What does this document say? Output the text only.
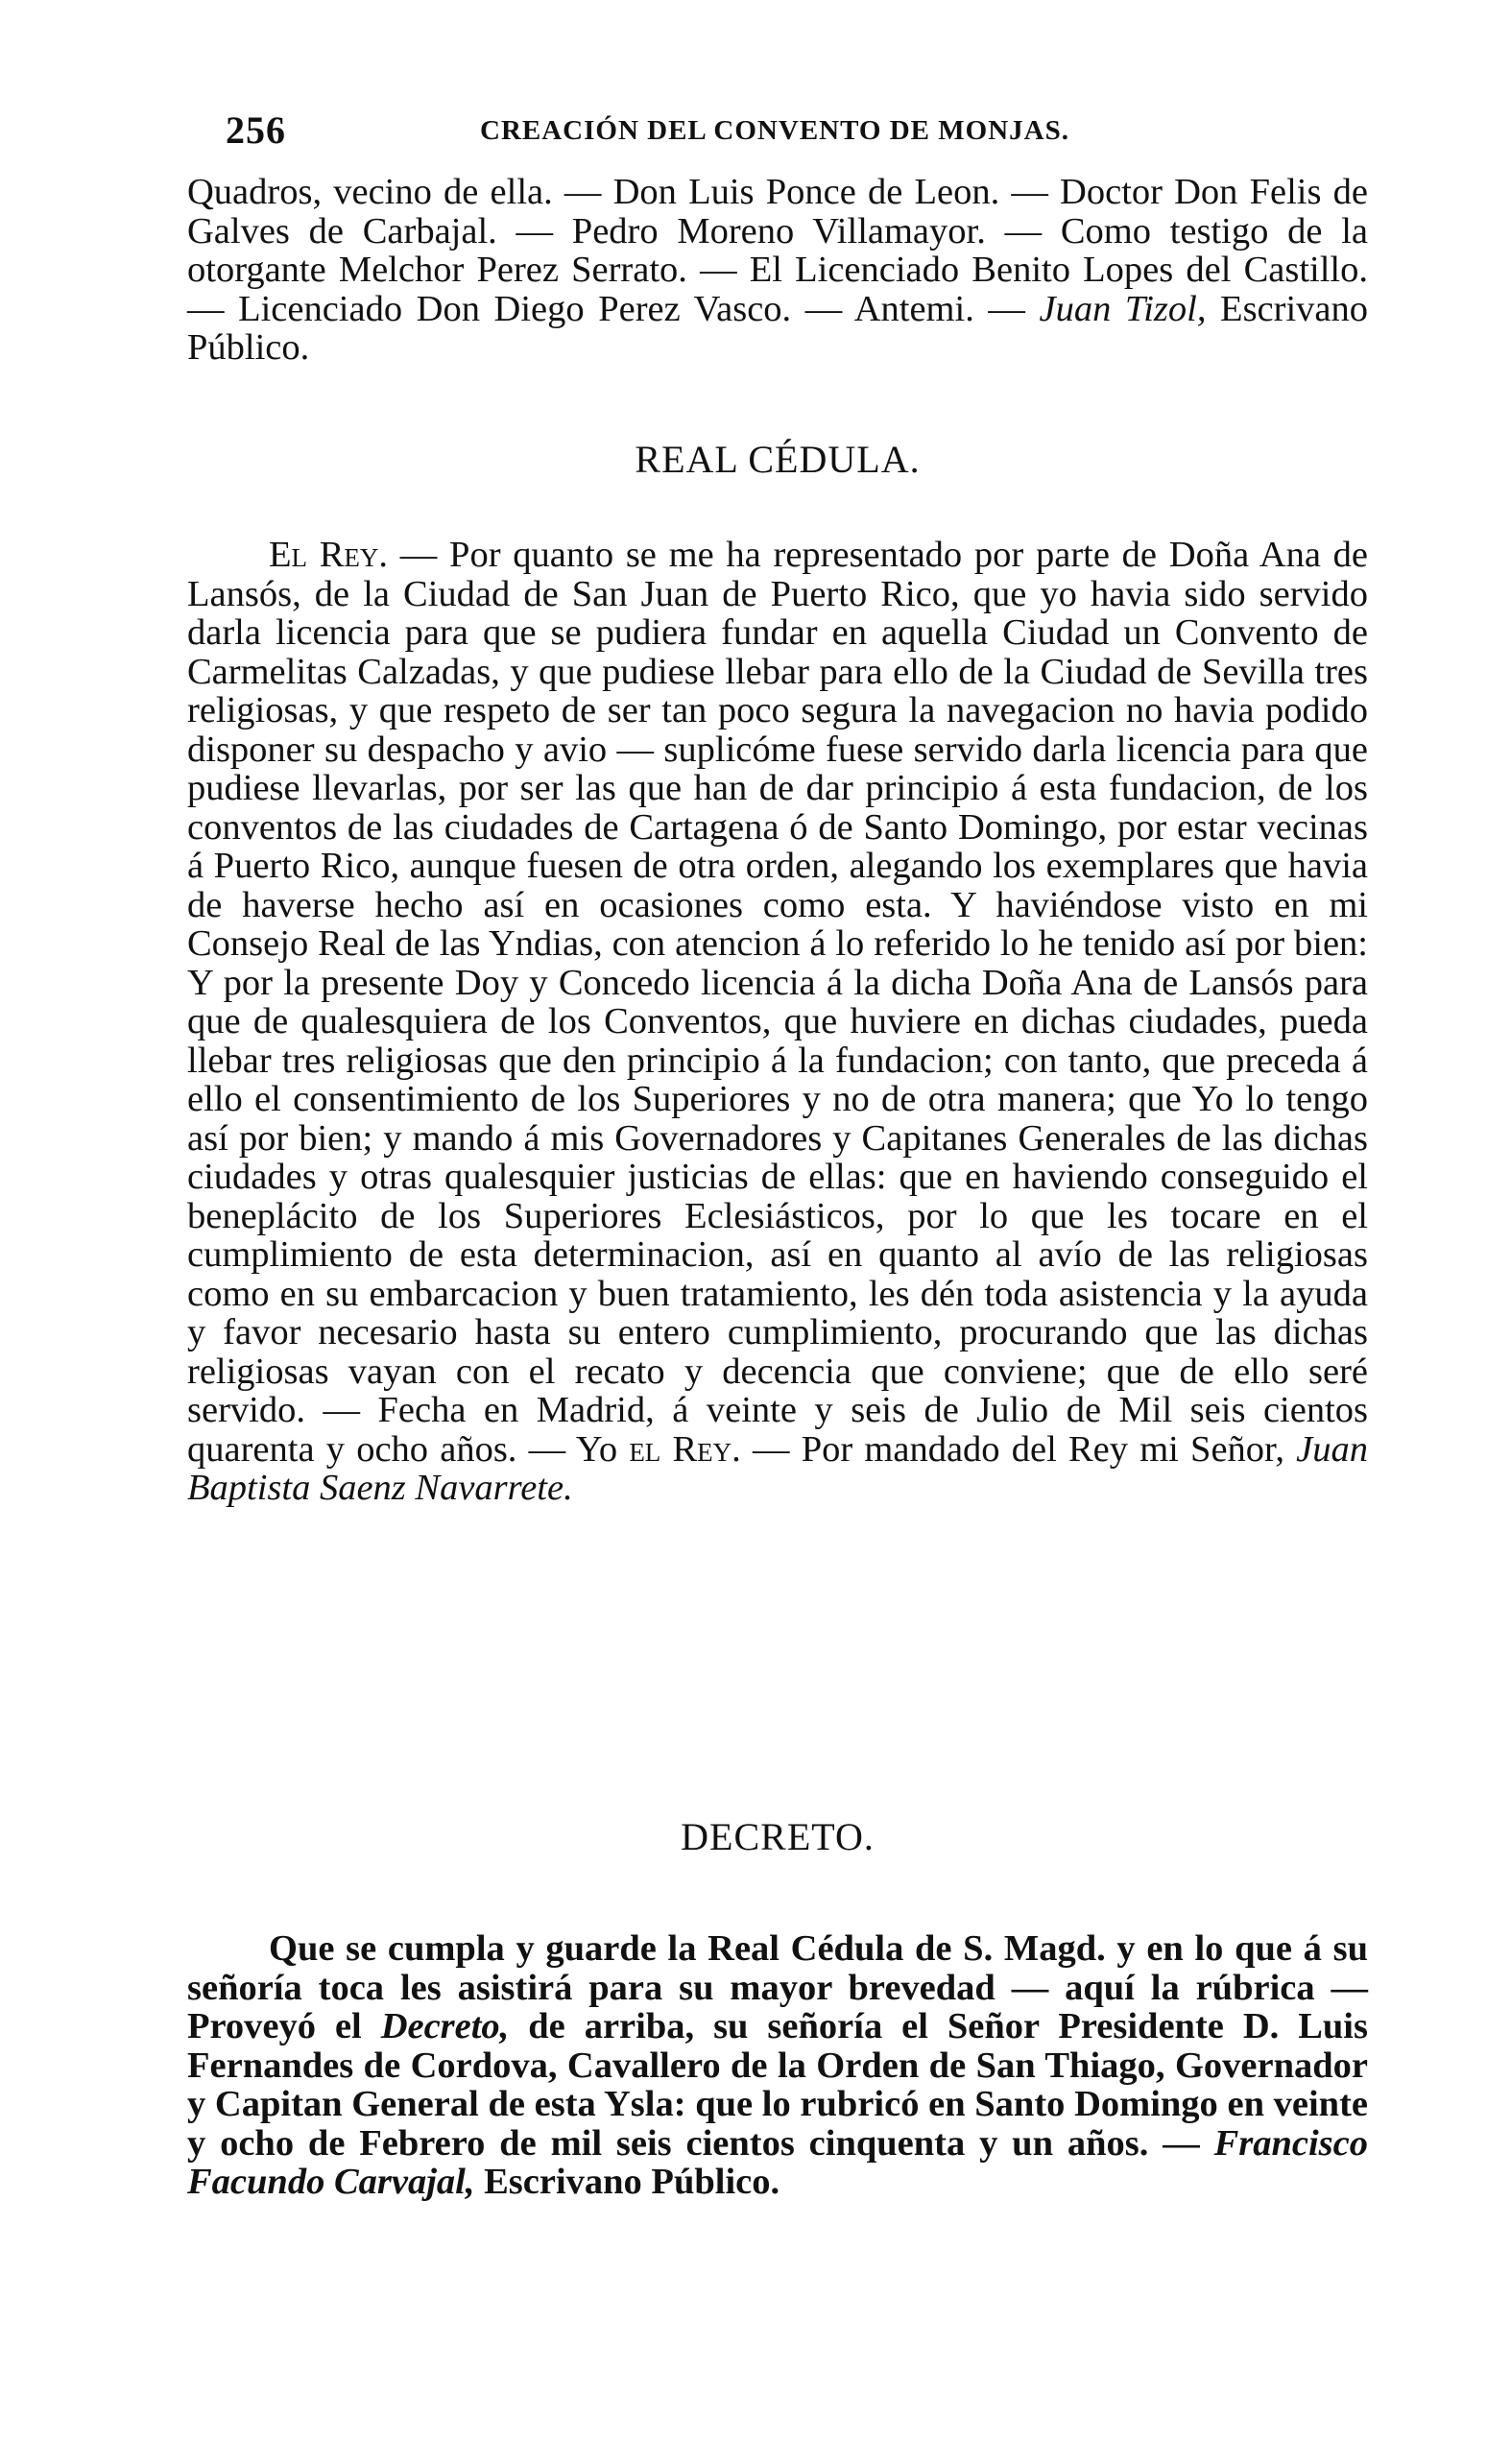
256	CREACIÓN DEL CONVENTO DE MONJAS.

Quadros, vecino de ella. — Don Luis Ponce de Leon. — Doctor Don Felis de Galves de Carbajal. — Pedro Moreno Villamayor. — Como testigo de la otorgante Melchor Perez Serrato. — El Licenciado Benito Lopes del Castillo. — Licenciado Don Diego Perez Vasco. — Antemi. — Juan Tizol, Escrivano Público.

REAL CÉDULA.

El Rey. — Por quanto se me ha representado por parte de Doña Ana de Lansós, de la Ciudad de San Juan de Puerto Rico, que yo havia sido servido darla licencia para que se pudiera fundar en aquella Ciudad un Convento de Carmelitas Calzadas, y que pudiese llebar para ello de la Ciudad de Sevilla tres religiosas, y que respeto de ser tan poco segura la navegacion no havia podido disponer su despacho y avio — suplicóme fuese servido darla licencia para que pudiese llevarlas, por ser las que han de dar principio á esta fundacion, de los conventos de las ciudades de Cartagena ó de Santo Domingo, por estar vecinas á Puerto Rico, aunque fuesen de otra orden, alegando los exemplares que havia de haverse hecho así en ocasiones como esta. Y haviéndose visto en mi Consejo Real de las Yndias, con atencion á lo referido lo he tenido así por bien: Y por la presente Doy y Concedo licencia á la dicha Doña Ana de Lansós para que de qualesquiera de los Conventos, que huviere en dichas ciudades, pueda llebar tres religiosas que den principio á la fundacion; con tanto, que preceda á ello el consentimiento de los Superiores y no de otra manera; que Yo lo tengo así por bien; y mando á mis Governadores y Capitanes Generales de las dichas ciudades y otras qualesquier justicias de ellas: que en haviendo conseguido el beneplácito de los Superiores Eclesiásticos, por lo que les tocare en el cumplimiento de esta determinacion, así en quanto al avío de las religiosas como en su embarcacion y buen tratamiento, les dén toda asistencia y la ayuda y favor necesario hasta su entero cumplimiento, procurando que las dichas religiosas vayan con el recato y decencia que conviene; que de ello seré servido. — Fecha en Madrid, á veinte y seis de Julio de Mil seis cientos quarenta y ocho años. — Yo el Rey. — Por mandado del Rey mi Señor, Juan Baptista Saenz Navarrete.

DECRETO.

Que se cumpla y guarde la Real Cédula de S. Magd. y en lo que á su señoría toca les asistirá para su mayor brevedad — aquí la rúbrica — Proveyó el Decreto, de arriba, su señoría el Señor Presidente D. Luis Fernandes de Cordova, Cavallero de la Orden de San Thiago, Governador y Capitan General de esta Ysla: que lo rubricó en Santo Domingo en veinte y ocho de Febrero de mil seis cientos cinquenta y un años. — Francisco Facundo Carvajal, Escrivano Público.
